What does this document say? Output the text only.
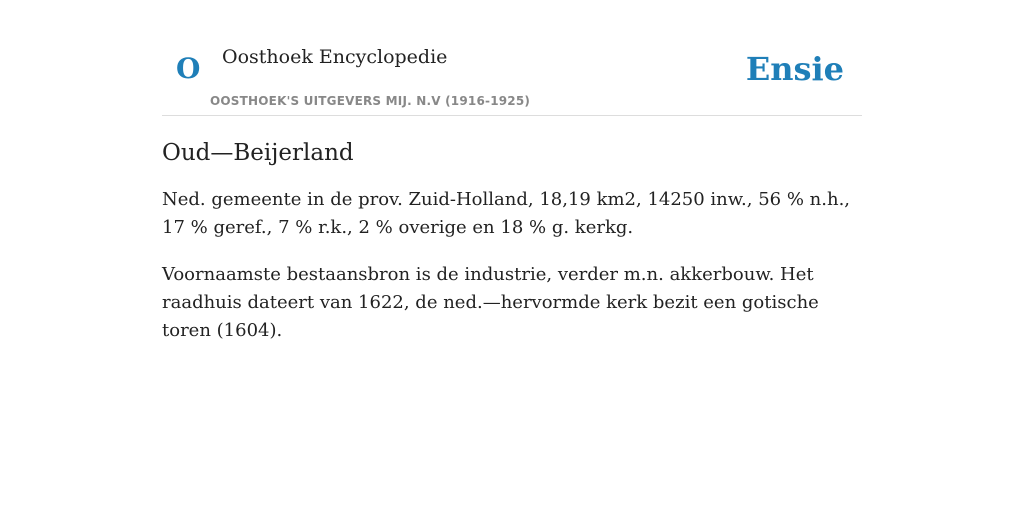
O Oosthoek Encyclopedie
OOSTHOEK'S UITGEVERS MIJ. N.V (1916-1925)
Ensie
Oud—Beijerland

Ned. gemeente in de prov. Zuid-Holland, 18,19 km2, 14250 inw., 56 % n.h., 17 % geref., 7 % r.k., 2 % overige en 18 % g. kerkg.

Voornaamste bestaansbron is de industrie, verder m.n. akkerbouw. Het raadhuis dateert van 1622, de ned.—hervormde kerk bezit een gotische toren (1604).
